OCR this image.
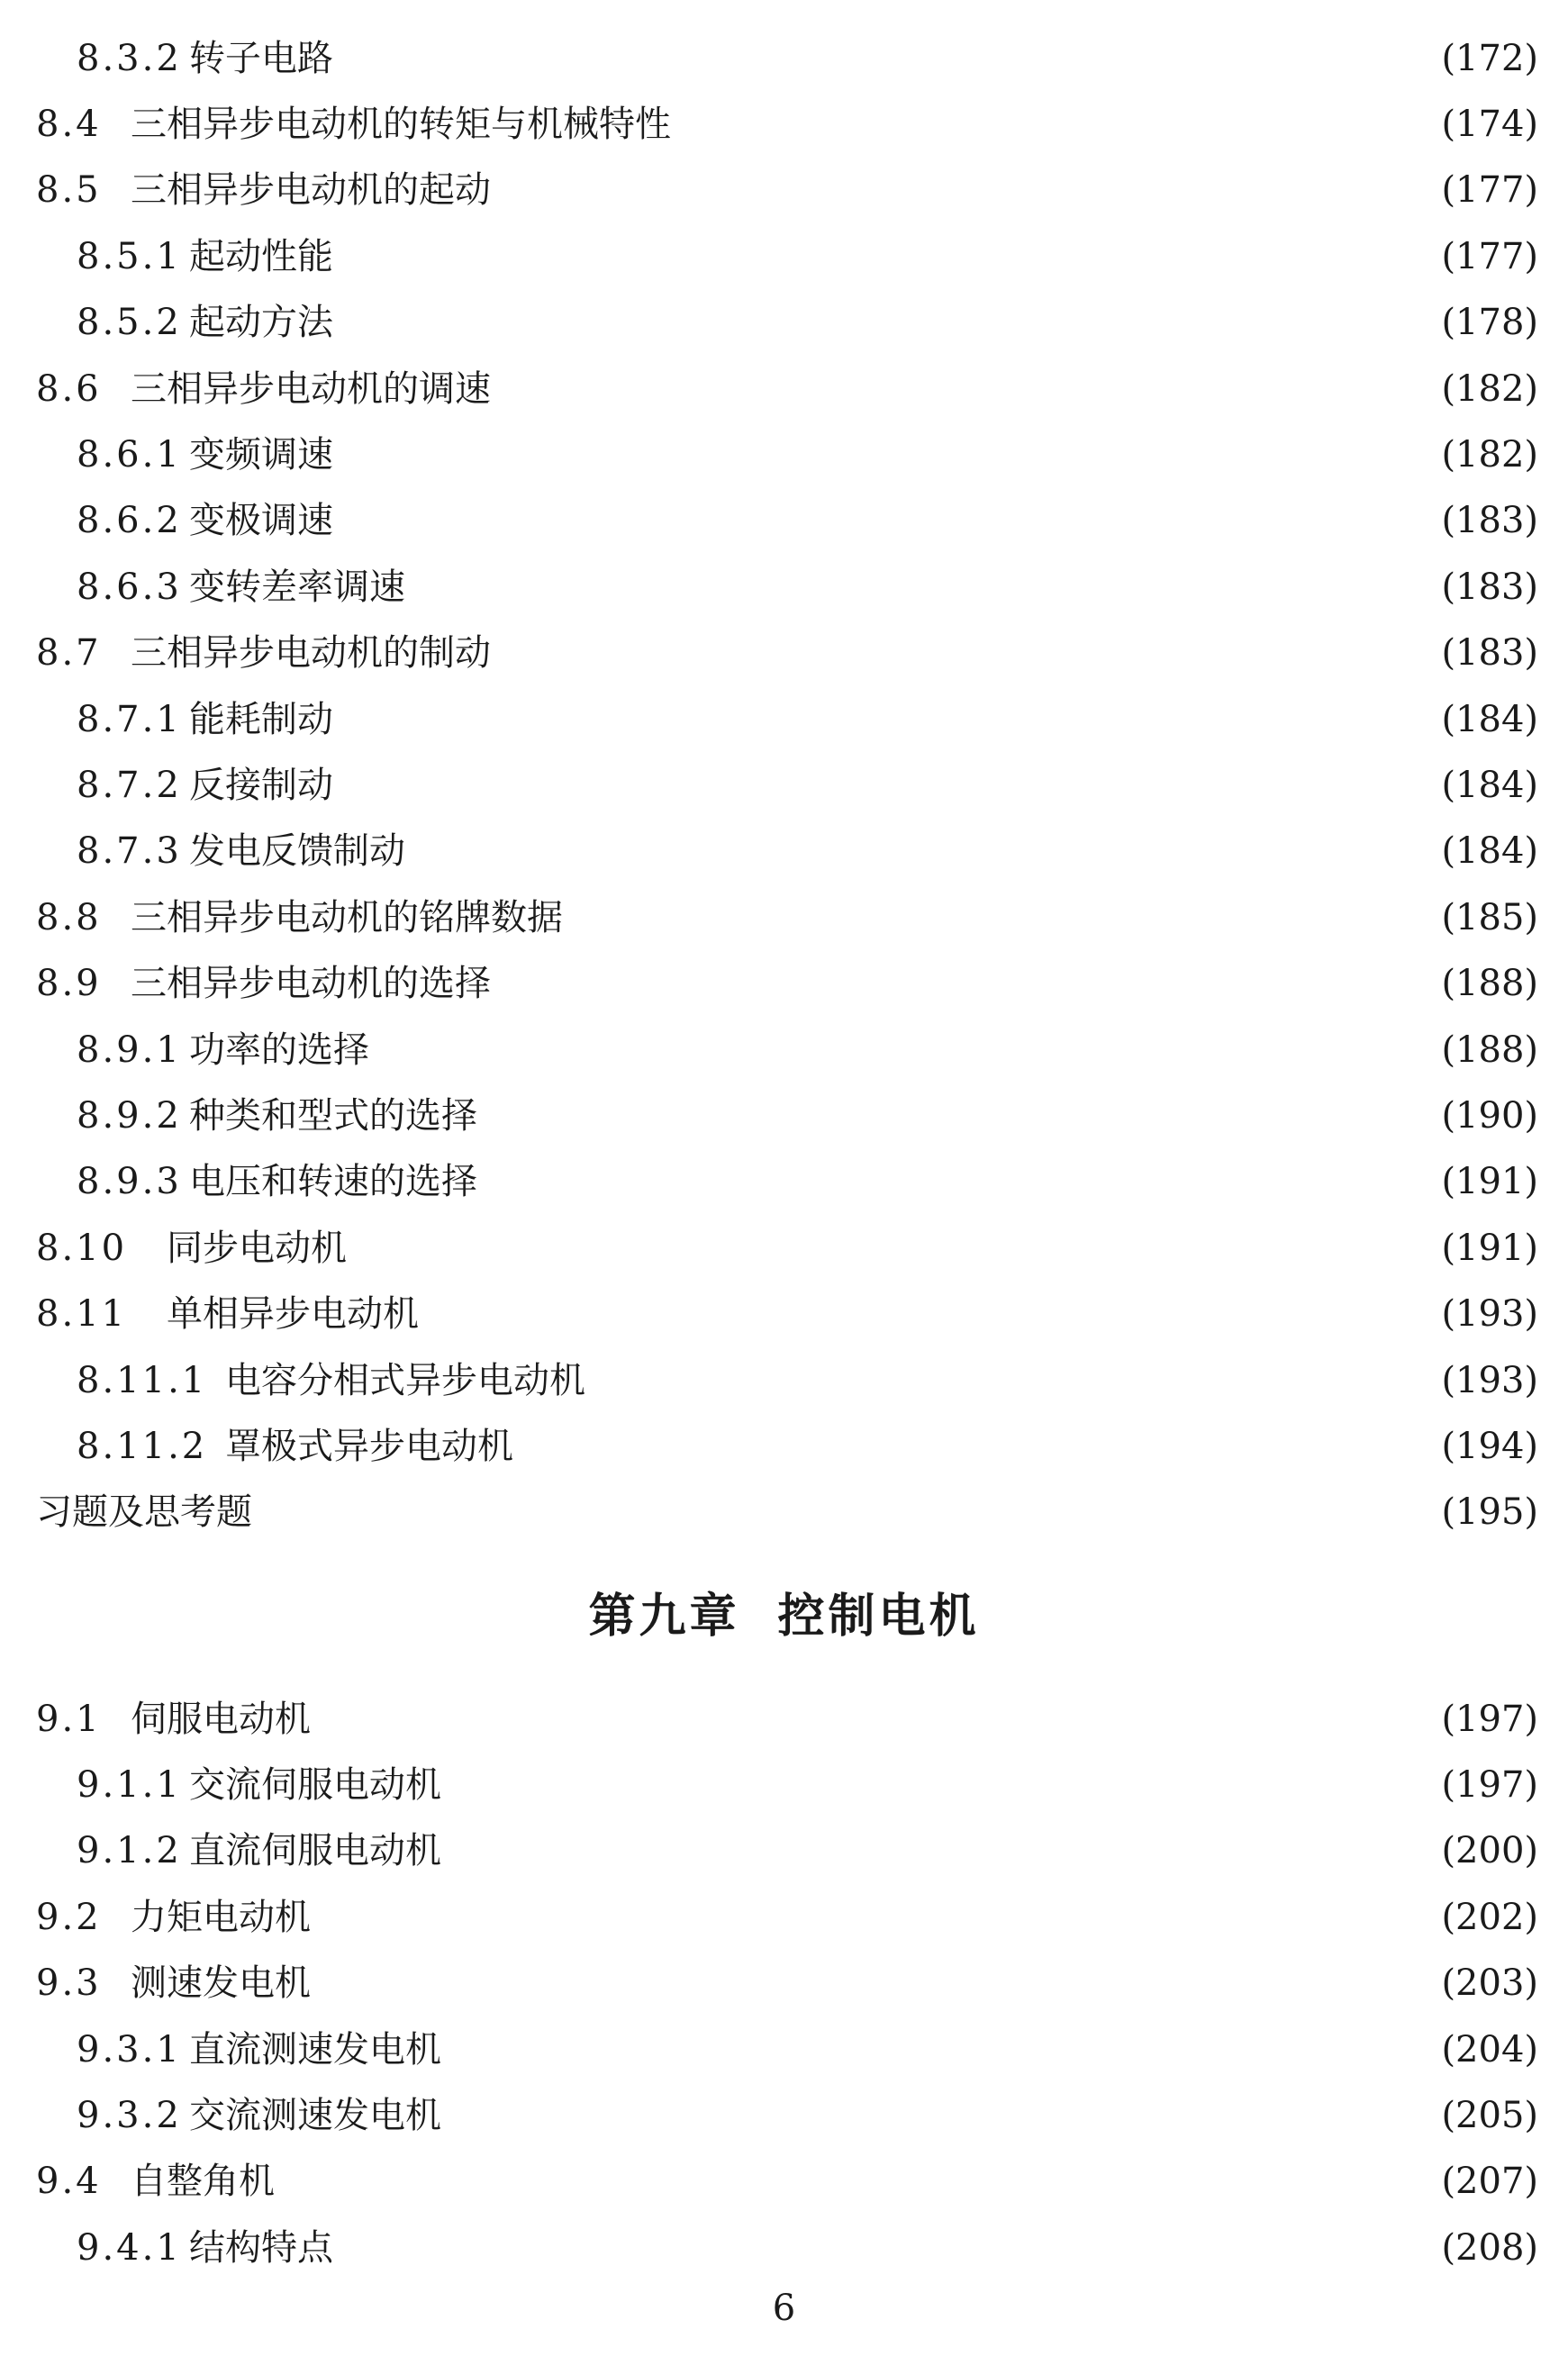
8.3.2 转子电路	(172)
8.4 三相异步电动机的转矩与机械特性	(174)
8.5 三相异步电动机的起动	(177)
8.5.1 起动性能	(177)
8.5.2 起动方法	(178)
8.6 三相异步电动机的调速	(182)
8.6.1 变频调速	(182)
8.6.2 变极调速	(183)
8.6.3 变转差率调速	(183)
8.7 三相异步电动机的制动	(183)
8.7.1 能耗制动	(184)
8.7.2 反接制动	(184)
8.7.3 发电反馈制动	(184)
8.8 三相异步电动机的铭牌数据	(185)
8.9 三相异步电动机的选择	(188)
8.9.1 功率的选择	(188)
8.9.2 种类和型式的选择	(190)
8.9.3 电压和转速的选择	(191)
8.10	同步电动机	(191)
8.11	单相异步电动机	(193)
8.11.1 电容分相式异步电动机	(193)
8.11.2 罩极式异步电动机	(194)
习题及思考题	(195)
第九章 控制电机
9.1 伺服电动机	(197)
9.1.1 交流伺服电动机	(197)
9.1.2 直流伺服电动机	(200)
9.2 力矩电动机	(202)
9.3 测速发电机	(203)
9.3.1 直流测速发电机	(204)
9.3.2 交流测速发电机	(205)
9.4 自整角机	(207)
9.4.1 结构特点	(208)
6
